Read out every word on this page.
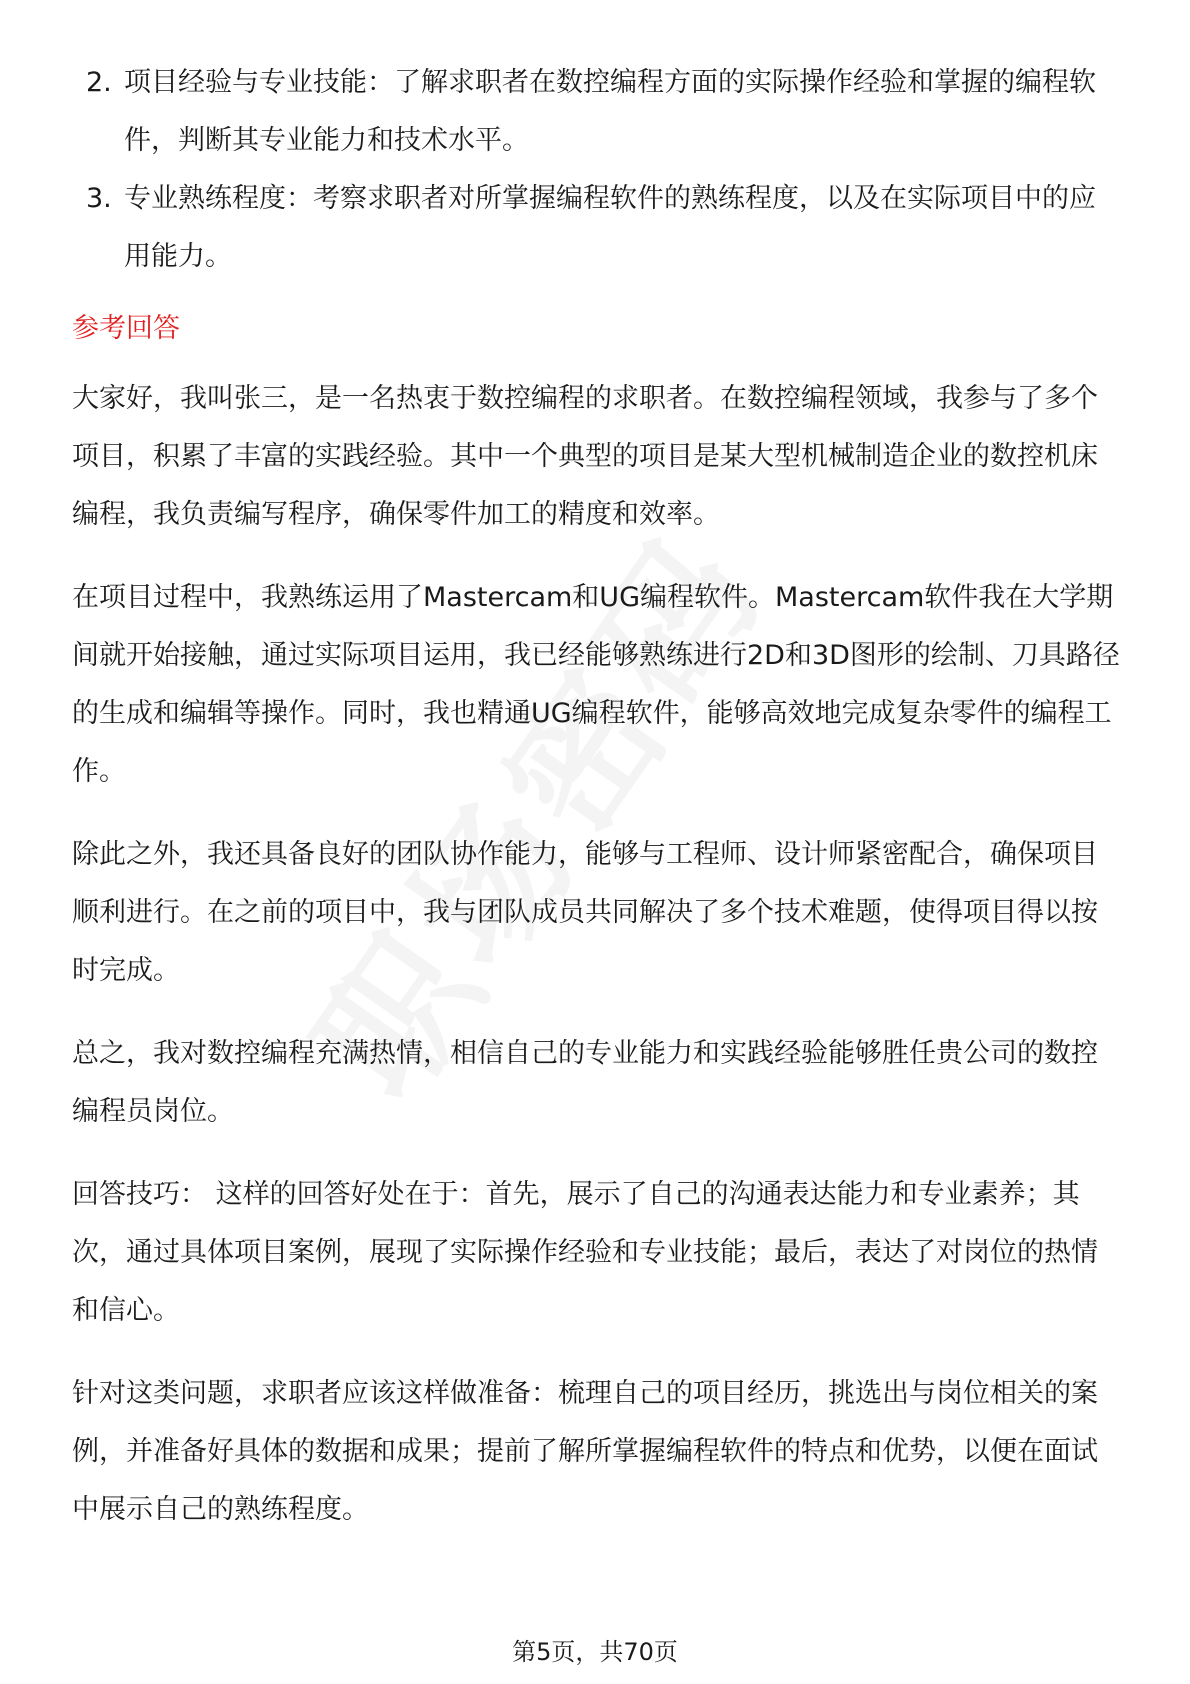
2. 项目经验与专业技能：了解求职者在数控编程方面的实际操作经验和掌握的编程软件，判断其专业能力和技术水平。
3. 专业熟练程度：考察求职者对所掌握编程软件的熟练程度，以及在实际项目中的应用能力。
参考回答

大家好，我叫张三，是一名热衷于数控编程的求职者。在数控编程领域，我参与了多个项目，积累了丰富的实践经验。其中一个典型的项目是某大型机械制造企业的数控机床编程，我负责编写程序，确保零件加工的精度和效率。

在项目过程中，我熟练运用了Mastercam和UG编程软件。Mastercam软件我在大学期间就开始接触，通过实际项目运用，我已经能够熟练进行2D和3D图形的绘制、刀具路径的生成和编辑等操作。同时，我也精通UG编程软件，能够高效地完成复杂零件的编程工作。

除此之外，我还具备良好的团队协作能力，能够与工程师、设计师紧密配合，确保项目顺利进行。在之前的项目中，我与团队成员共同解决了多个技术难题，使得项目得以按时完成。

总之，我对数控编程充满热情，相信自己的专业能力和实践经验能够胜任贵公司的数控编程员岗位。

回答技巧： 这样的回答好处在于：首先，展示了自己的沟通表达能力和专业素养；其次，通过具体项目案例，展现了实际操作经验和专业技能；最后，表达了对岗位的热情和信心。

针对这类问题，求职者应该这样做准备：梳理自己的项目经历，挑选出与岗位相关的案例，并准备好具体的数据和成果；提前了解所掌握编程软件的特点和优势，以便在面试中展示自己的熟练程度。

第5页，共70页
